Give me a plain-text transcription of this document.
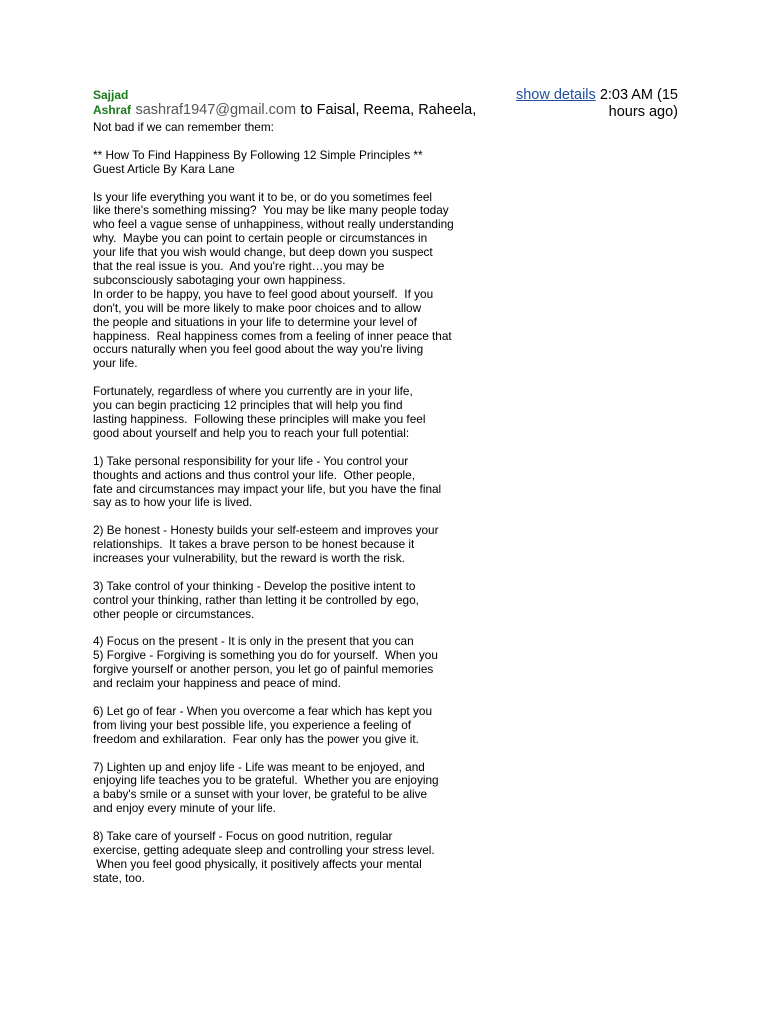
Sajjad
Ashraf sashraf1947@gmail.com to Faisal, Reema, Raheela,
show details 2:03 AM (15 hours ago)

Not bad if we can remember them:

** How To Find Happiness By Following 12 Simple Principles **
Guest Article By Kara Lane

Is your life everything you want it to be, or do you sometimes feel
like there's something missing?  You may be like many people today
who feel a vague sense of unhappiness, without really understanding
why.  Maybe you can point to certain people or circumstances in
your life that you wish would change, but deep down you suspect
that the real issue is you.  And you're right…you may be
subconsciously sabotaging your own happiness.

In order to be happy, you have to feel good about yourself.  If you
don't, you will be more likely to make poor choices and to allow
the people and situations in your life to determine your level of
happiness.  Real happiness comes from a feeling of inner peace that
occurs naturally when you feel good about the way you're living
your life.

Fortunately, regardless of where you currently are in your life,
you can begin practicing 12 principles that will help you find
lasting happiness.  Following these principles will make you feel
good about yourself and help you to reach your full potential:

1) Take personal responsibility for your life - You control your
thoughts and actions and thus control your life.  Other people,
fate and circumstances may impact your life, but you have the final
say as to how your life is lived.

2) Be honest - Honesty builds your self-esteem and improves your
relationships.  It takes a brave person to be honest because it
increases your vulnerability, but the reward is worth the risk.

3) Take control of your thinking - Develop the positive intent to
control your thinking, rather than letting it be controlled by ego,
other people or circumstances.

4) Focus on the present - It is only in the present that you can

5) Forgive - Forgiving is something you do for yourself.  When you
forgive yourself or another person, you let go of painful memories
and reclaim your happiness and peace of mind.

6) Let go of fear - When you overcome a fear which has kept you
from living your best possible life, you experience a feeling of
freedom and exhilaration.  Fear only has the power you give it.

7) Lighten up and enjoy life - Life was meant to be enjoyed, and
enjoying life teaches you to be grateful.  Whether you are enjoying
a baby's smile or a sunset with your lover, be grateful to be alive
and enjoy every minute of your life.

8) Take care of yourself - Focus on good nutrition, regular
exercise, getting adequate sleep and controlling your stress level.
When you feel good physically, it positively affects your mental
state, too.
